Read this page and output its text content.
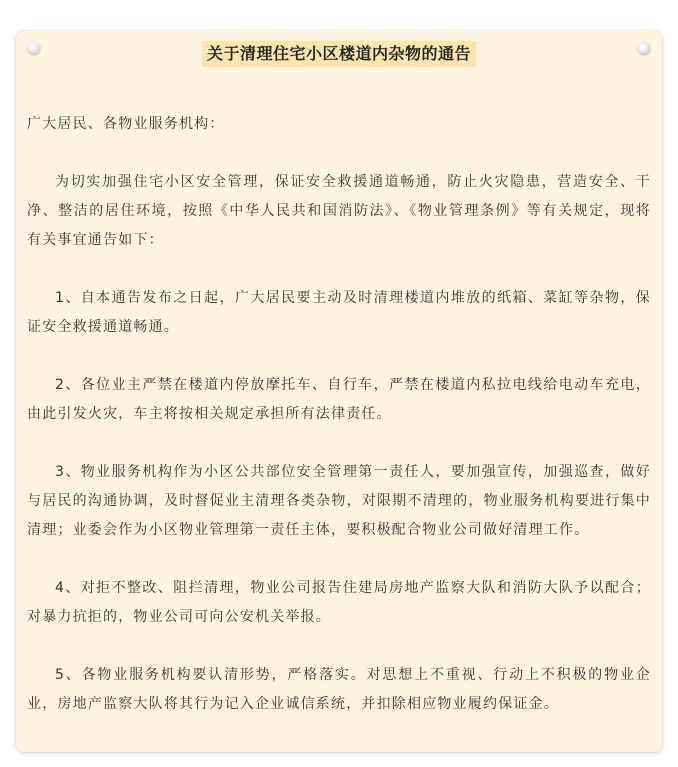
关于清理住宅小区楼道内杂物的通告

广大居民、各物业服务机构：

为切实加强住宅小区安全管理，保证安全救援通道畅通，防止火灾隐患，营造安全、干净、整洁的居住环境，按照《中华人民共和国消防法》、《物业管理条例》等有关规定，现将有关事宜通告如下：

1、自本通告发布之日起，广大居民要主动及时清理楼道内堆放的纸箱、菜缸等杂物，保证安全救援通道畅通。

2、各位业主严禁在楼道内停放摩托车、自行车，严禁在楼道内私拉电线给电动车充电，由此引发火灾，车主将按相关规定承担所有法律责任。

3、物业服务机构作为小区公共部位安全管理第一责任人，要加强宣传，加强巡查，做好与居民的沟通协调，及时督促业主清理各类杂物，对限期不清理的，物业服务机构要进行集中清理；业委会作为小区物业管理第一责任主体，要积极配合物业公司做好清理工作。

4、对拒不整改、阻拦清理，物业公司报告住建局房地产监察大队和消防大队予以配合；对暴力抗拒的，物业公司可向公安机关举报。

5、各物业服务机构要认清形势，严格落实。对思想上不重视、行动上不积极的物业企业，房地产监察大队将其行为记入企业诚信系统，并扣除相应物业履约保证金。
